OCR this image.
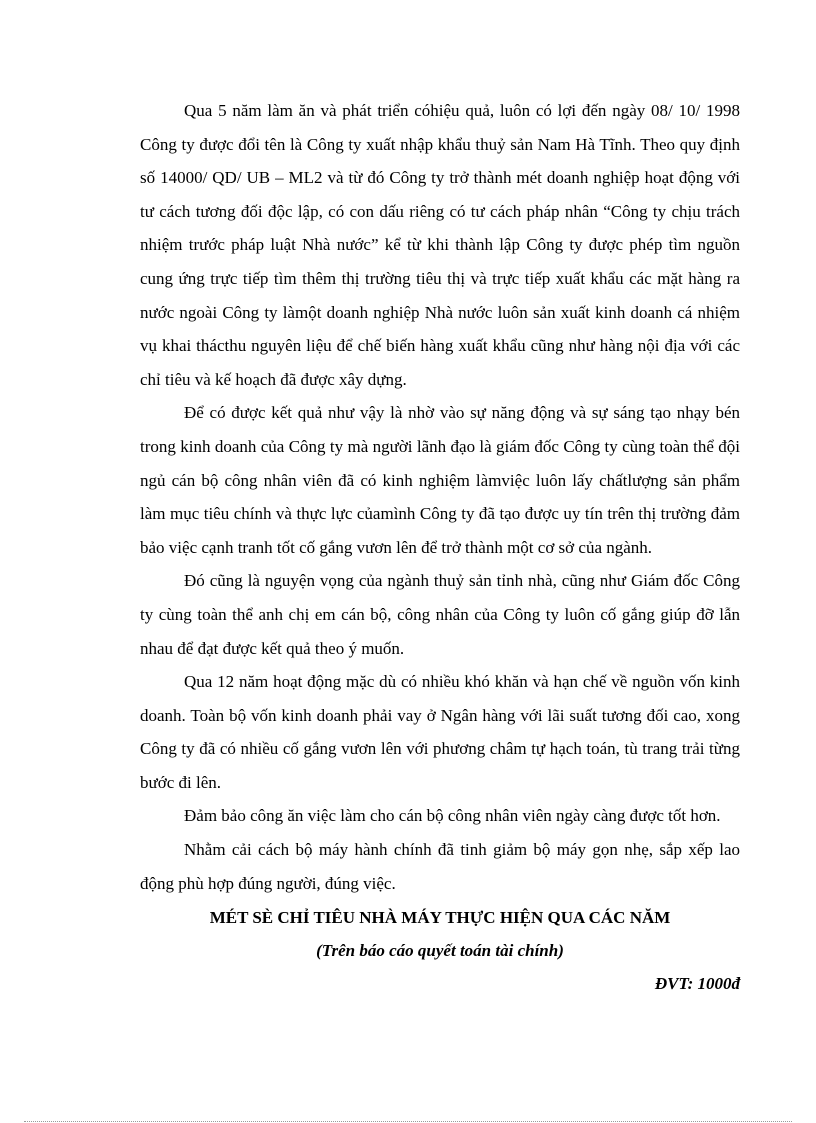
Qua 5 năm làm ăn và phát triển cóhiệu quả, luôn có lợi đến ngày 08/ 10/ 1998 Công ty được đổi tên là Công ty xuất nhập khẩu thuỷ sản Nam Hà Tĩnh. Theo quy định số 14000/ QD/ UB – ML2 và từ đó Công ty trở thành mét doanh nghiệp hoạt động với tư cách tương đối độc lập, có con dấu riêng có tư cách pháp nhân “Công ty chịu trách nhiệm trước pháp luật Nhà nước” kể từ khi thành lập Công ty được phép tìm nguồn cung ứng trực tiếp tìm thêm thị trường tiêu thị và trực tiếp xuất khẩu các mặt hàng ra nước ngoài Công ty làmột doanh nghiệp Nhà nước luôn sản xuất kinh doanh cá nhiệm vụ khai thácthu nguyên liệu để chế biến hàng xuất khẩu cũng như hàng nội địa với các chỉ tiêu và kế hoạch đã được xây dựng.

Để có được kết quả như vậy là nhờ vào sự năng động và sự sáng tạo nhạy bén trong kinh doanh của Công ty mà người lãnh đạo là giám đốc Công ty cùng toàn thể đội ngủ cán bộ công nhân viên đã có kinh nghiệm làmviệc luôn lấy chấtlượng sản phẩm làm mục tiêu chính và thực lực củamình Công ty đã tạo được uy tín trên thị trường đảm bảo việc cạnh tranh tốt cố gắng vươn lên để trở thành một cơ sở của ngành.

Đó cũng là nguyện vọng của ngành thuỷ sản tỉnh nhà, cũng như Giám đốc Công ty cùng toàn thể anh chị em cán bộ, công nhân của Công ty luôn cố gắng giúp đỡ lẫn nhau để đạt được kết quả theo ý muốn.

Qua 12 năm hoạt động mặc dù có nhiều khó khăn và hạn chế về nguồn vốn kinh doanh. Toàn bộ vốn kinh doanh phải vay ở Ngân hàng với lãi suất tương đối cao, xong Công ty đã có nhiều cố gắng vươn lên với phương châm tự hạch toán, tù trang trải từng bước đi lên.

Đảm bảo công ăn việc làm cho cán bộ công nhân viên ngày càng được tốt hơn.

Nhằm cải cách bộ máy hành chính đã tinh giảm bộ máy gọn nhẹ, sắp xếp lao động phù hợp đúng người, đúng việc.

MÉT SÈ CHỈ TIÊU NHÀ MÁY THỰC HIỆN QUA CÁC NĂM

(Trên báo cáo quyết toán tài chính)

ĐVT: 1000đ
